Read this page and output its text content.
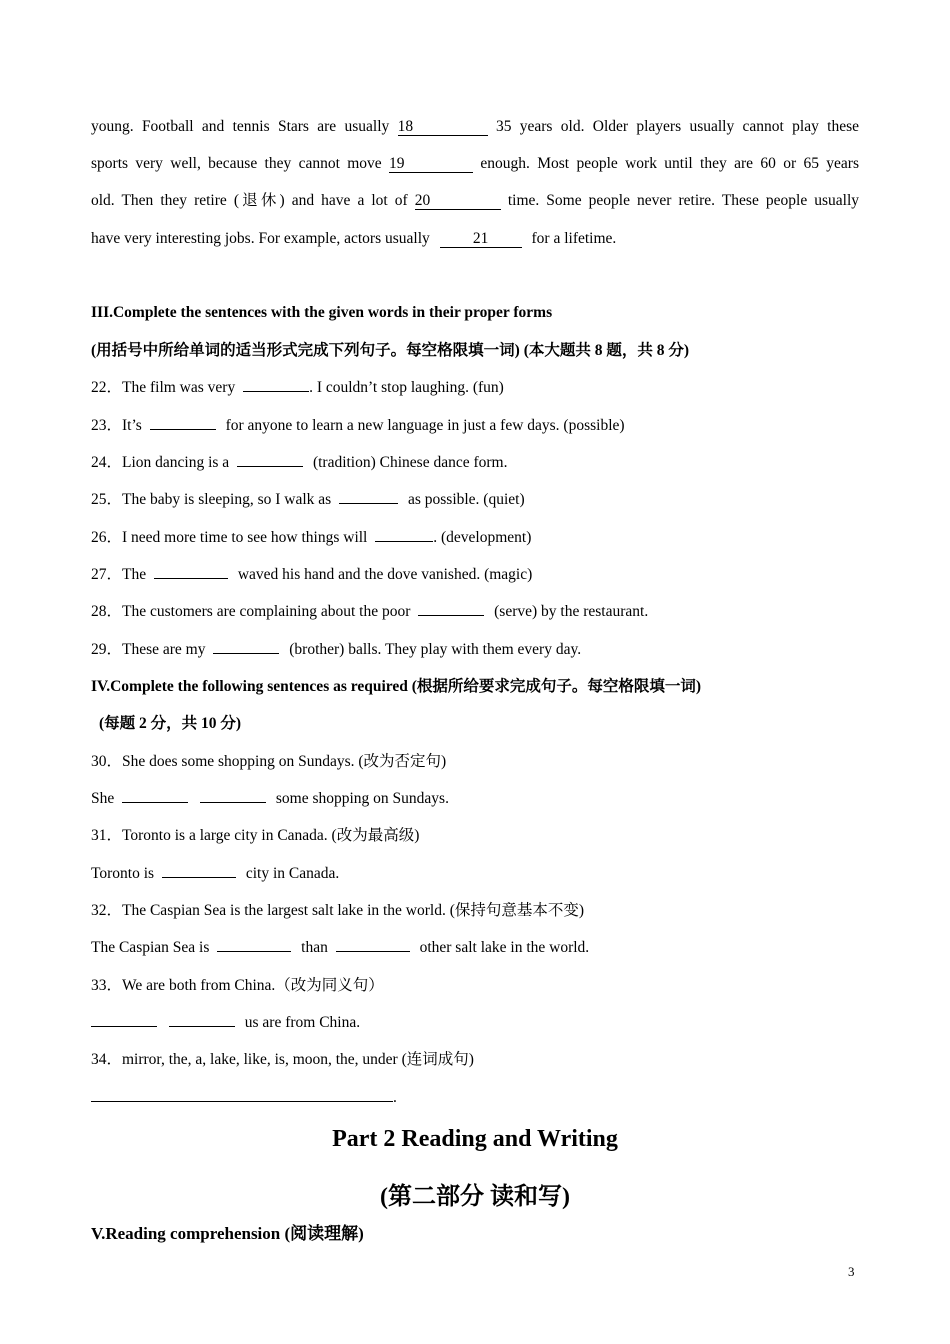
young. Football and tennis Stars are usually 18	35 years old. Older players usually cannot play these
sports very well, because they cannot move 19	enough. Most people work until they are 60 or 65 years
old. Then they retire (退休) and have a lot of 20	time. Some people never retire. These people usually
have very interesting jobs. For example, actors usually	21	for a lifetime.
III.Complete the sentences with the given words in their proper forms
(用括号中所给单词的适当形式完成下列句子。每空格限填一词) (本大题共 8 题，共 8 分)
22．The film was very	. I couldn’t stop laughing. (fun)
23．It’s	for anyone to learn a new language in just a few days. (possible)
24．Lion dancing is a	(tradition) Chinese dance form.
25．The baby is sleeping, so I walk as	as possible. (quiet)
26．I need more time to see how things will	. (development)
27．The	waved his hand and the dove vanished. (magic)
28．The customers are complaining about the poor	(serve) by the restaurant.
29．These are my	(brother) balls. They play with them every day.
IV.Complete the following sentences as required (根据所给要求完成句子。每空格限填一词)
(每题 2 分，共 10 分)
30．She does some shopping on Sundays. (改为否定句)
She	some shopping on Sundays.
31．Toronto is a large city in Canada. (改为最高级)
Toronto is	city in Canada.
32．The Caspian Sea is the largest salt lake in the world. (保持句意基本不变)
The Caspian Sea is	than	other salt lake in the world.
33．We are both from China.（改为同义句）
us are from China.
34．mirror, the, a, lake, like, is, moon, the, under (连词成句)
.
Part 2 Reading and Writing
(第二部分 读和写)
V.Reading comprehension (阅读理解)
3
